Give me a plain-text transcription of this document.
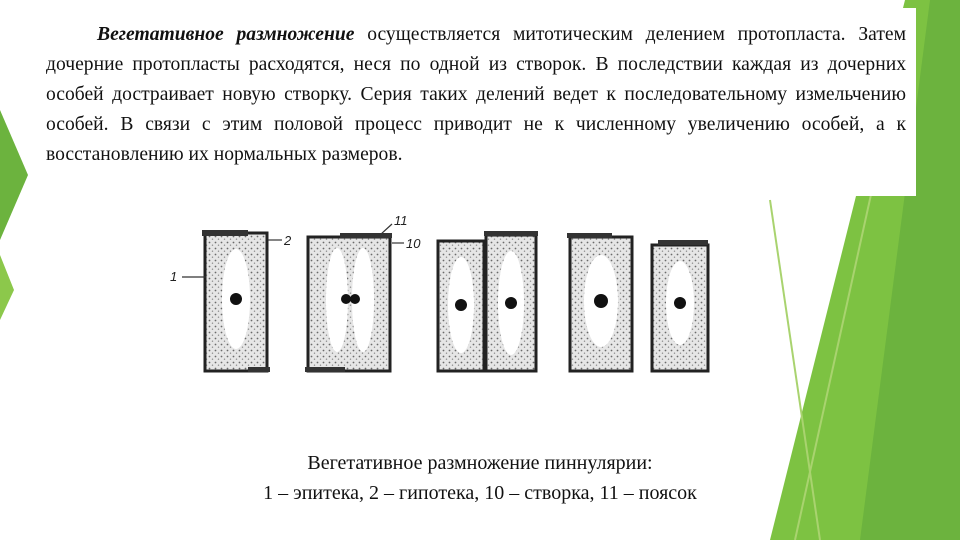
Вегетативное размножение осуществляется митотическим делением протопласта. Затем дочерние протопласты расходятся, неся по одной из створок. В последствии каждая из дочерних особей достраивает новую створку. Серия таких делений ведет к последовательному измельчению особей. В связи с этим половой процесс приводит не к численному увеличению особей, а к восстановлению их нормальных размеров.

1
2
11
10
Вегетативное размножение пиннулярии:
1 – эпитека, 2 – гипотека, 10 – створка, 11 – поясок
